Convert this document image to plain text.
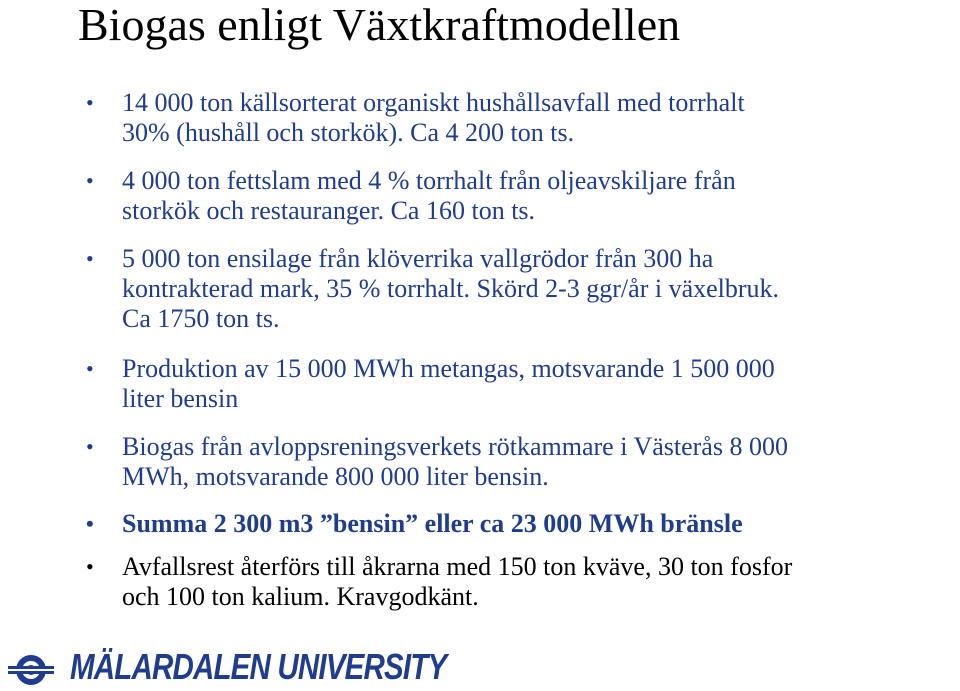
Biogas enligt Växtkraftmodellen
• 14 000 ton källsorterat organiskt hushållsavfall med torrhalt
30% (hushåll och storkök). Ca 4 200 ton ts.
• 4 000 ton fettslam med 4 % torrhalt från oljeavskiljare från
storkök och restauranger. Ca 160 ton ts.
• 5 000 ton ensilage från klöverrika vallgrödor från 300 ha
kontrakterad mark, 35 % torrhalt. Skörd 2-3 ggr/år i växelbruk.
Ca 1750 ton ts.
• Produktion av 15 000 MWh metangas, motsvarande 1 500 000
liter bensin
• Biogas från avloppsreningsverkets rötkammare i Västerås 8 000
MWh, motsvarande 800 000 liter bensin.
• Summa 2 300 m3 ”bensin” eller ca 23 000 MWh bränsle
• Avfallsrest återförs till åkrarna med 150 ton kväve, 30 ton fosfor
och 100 ton kalium. Kravgodkänt.
MÄLARDALEN UNIVERSITY
